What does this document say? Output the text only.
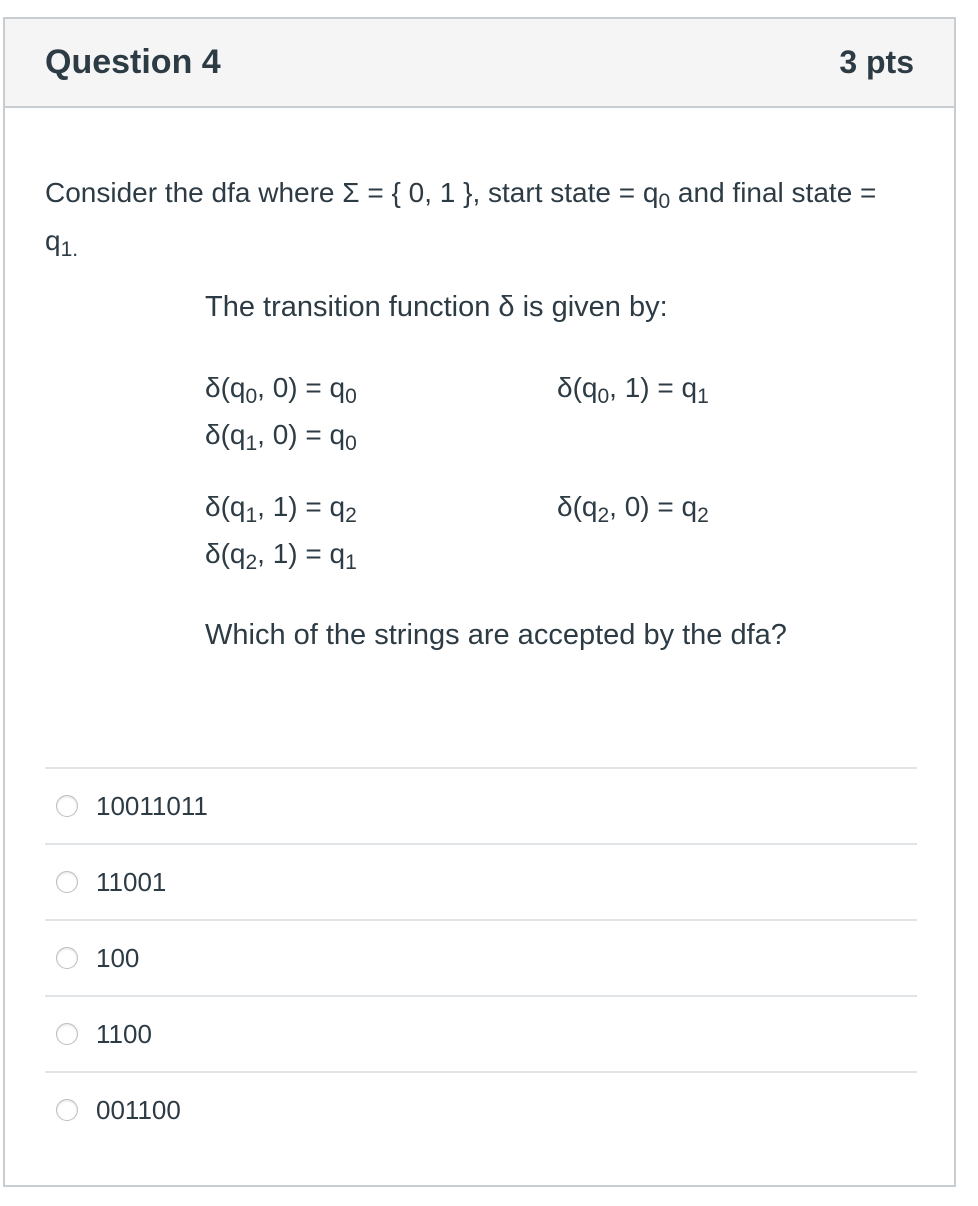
Question 4	3 pts
Consider the dfa where Σ = { 0, 1 }, start state = $q_0$ and final state = $q_{1.}$
The transition function δ is given by:
$\delta(q_0$, $0) = q_0$	$\delta(q_0$, $1) = q_1$
$\delta(q_1$, $0) = q_0$
$\delta(q_1$, $1) = q_2$	$\delta(q_2$, $0) = q_2$
$\delta(q_2$, $1) = q_1$
Which of the strings are accepted by the dfa?
10011011
11001
100
1100
001100
